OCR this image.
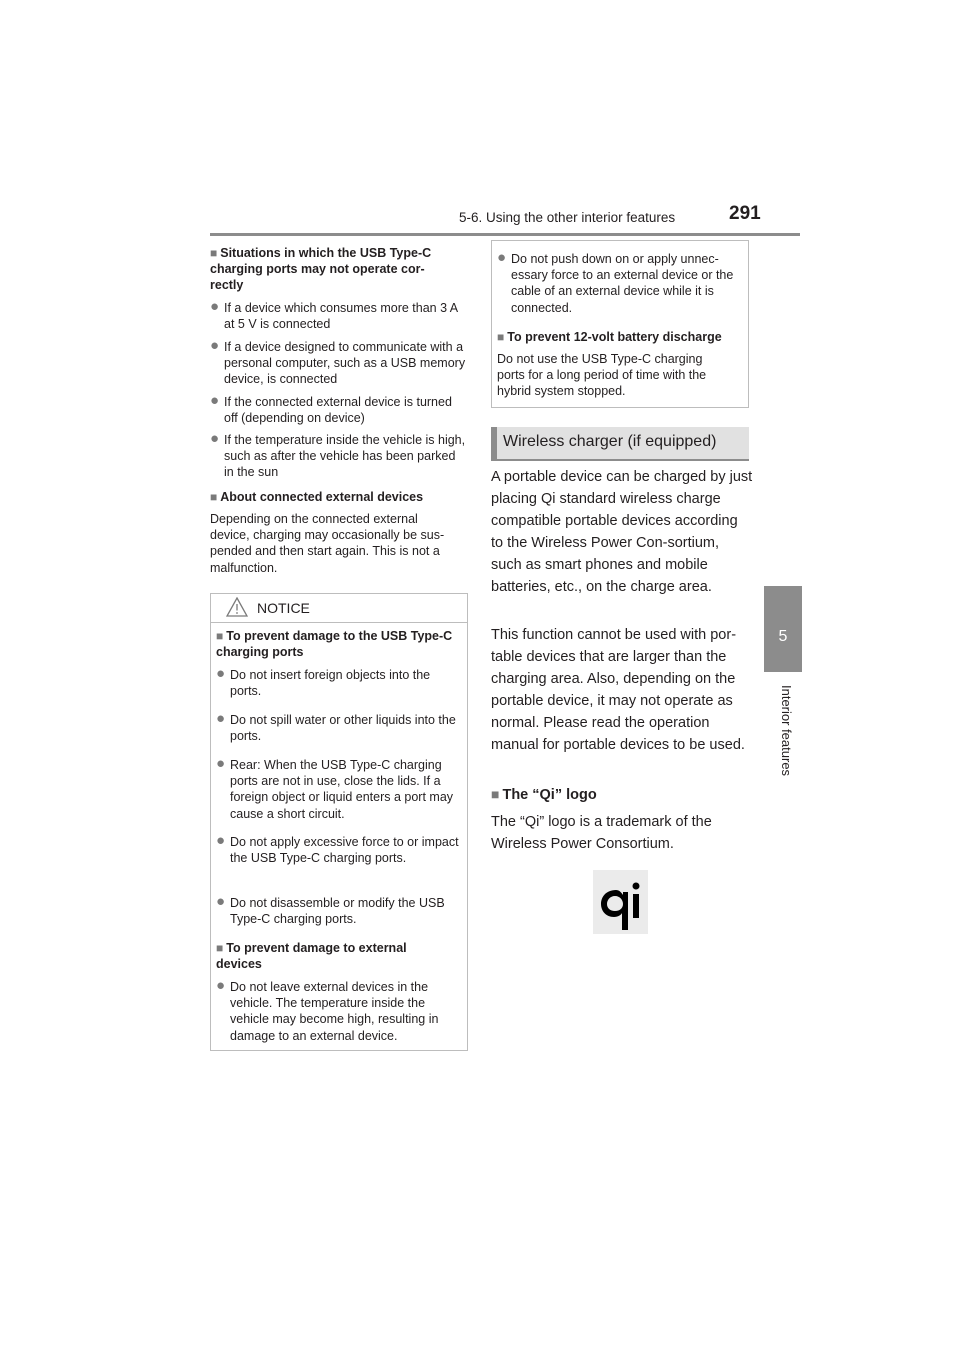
5-6. Using the other interior features	291
5
Interior features
■ Situations in which the USB Type-C charging ports may not operate cor-rectly
● If a device which consumes more than 3 A at 5 V is connected
● If a device designed to communicate with a personal computer, such as a USB memory device, is connected
● If the connected external device is turned off (depending on device)
● If the temperature inside the vehicle is high, such as after the vehicle has been parked in the sun
■ About connected external devices
Depending on the connected external device, charging may occasionally be sus-pended and then start again. This is not a malfunction.
NOTICE
■ To prevent damage to the USB Type-C charging ports
● Do not insert foreign objects into the ports.
● Do not spill water or other liquids into the ports.
● Rear: When the USB Type-C charging ports are not in use, close the lids. If a foreign object or liquid enters a port may cause a short circuit.
● Do not apply excessive force to or impact the USB Type-C charging ports.
● Do not disassemble or modify the USB Type-C charging ports.
■ To prevent damage to external devices
● Do not leave external devices in the vehicle. The temperature inside the vehicle may become high, resulting in damage to an external device.
● Do not push down on or apply unnec-essary force to an external device or the cable of an external device while it is connected.
■ To prevent 12-volt battery discharge
Do not use the USB Type-C charging ports for a long period of time with the hybrid system stopped.
Wireless charger (if equipped)
A portable device can be charged by just placing Qi standard wireless charge compatible portable devices according to the Wireless Power Con-sortium, such as smart phones and mobile batteries, etc., on the charge area.
This function cannot be used with por-table devices that are larger than the charging area. Also, depending on the portable device, it may not operate as normal. Please read the operation manual for portable devices to be used.
■ The “Qi” logo
The “Qi” logo is a trademark of the Wireless Power Consortium.
